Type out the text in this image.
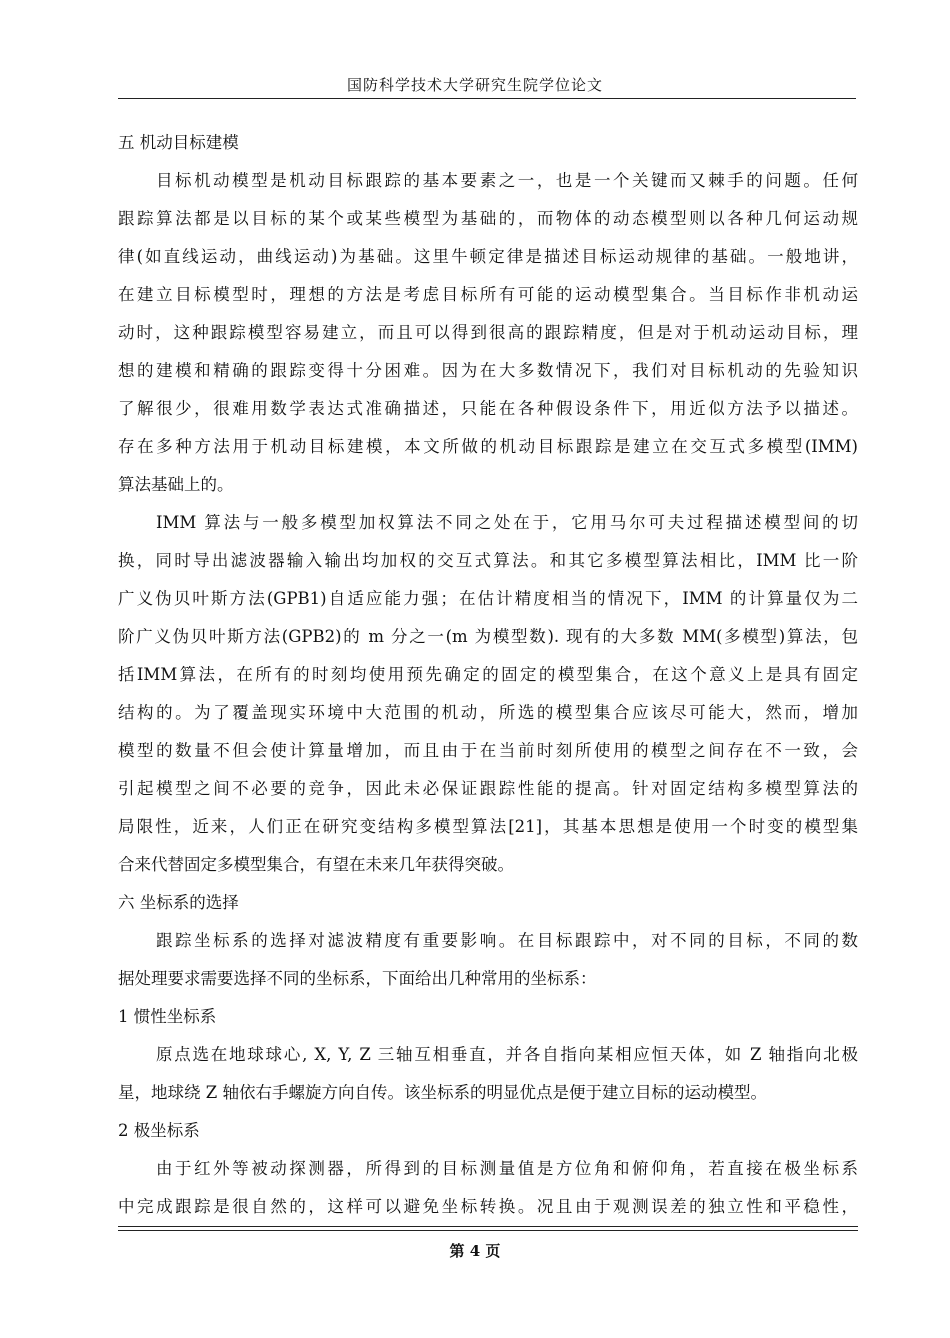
国防科学技术大学研究生院学位论文
五 机动目标建模
目标机动模型是机动目标跟踪的基本要素之一，也是一个关键而又棘手的问题。任何
跟踪算法都是以目标的某个或某些模型为基础的，而物体的动态模型则以各种几何运动规
律(如直线运动，曲线运动)为基础。这里牛顿定律是描述目标运动规律的基础。一般地讲，
在建立目标模型时，理想的方法是考虑目标所有可能的运动模型集合。当目标作非机动运
动时，这种跟踪模型容易建立，而且可以得到很高的跟踪精度，但是对于机动运动目标，理
想的建模和精确的跟踪变得十分困难。因为在大多数情况下，我们对目标机动的先验知识
了解很少，很难用数学表达式准确描述，只能在各种假设条件下，用近似方法予以描述。
存在多种方法用于机动目标建模，本文所做的机动目标跟踪是建立在交互式多模型(IMM)
算法基础上的。
IMM 算法与一般多模型加权算法不同之处在于，它用马尔可夫过程描述模型间的切
换，同时导出滤波器输入输出均加权的交互式算法。和其它多模型算法相比，IMM 比一阶
广义伪贝叶斯方法(GPB1)自适应能力强；在估计精度相当的情况下，IMM 的计算量仅为二
阶广义伪贝叶斯方法(GPB2)的 m 分之一(m 为模型数). 现有的大多数 MM(多模型)算法，包
括IMM算法，在所有的时刻均使用预先确定的固定的模型集合，在这个意义上是具有固定
结构的。为了覆盖现实环境中大范围的机动，所选的模型集合应该尽可能大，然而，增加
模型的数量不但会使计算量增加，而且由于在当前时刻所使用的模型之间存在不一致，会
引起模型之间不必要的竞争，因此未必保证跟踪性能的提高。针对固定结构多模型算法的
局限性，近来，人们正在研究变结构多模型算法[21]，其基本思想是使用一个时变的模型集
合来代替固定多模型集合，有望在未来几年获得突破。
六 坐标系的选择
跟踪坐标系的选择对滤波精度有重要影响。在目标跟踪中，对不同的目标，不同的数
据处理要求需要选择不同的坐标系，下面给出几种常用的坐标系：
1 惯性坐标系
原点选在地球球心, X, Y, Z 三轴互相垂直，并各自指向某相应恒天体，如 Z 轴指向北极
星，地球绕 Z 轴依右手螺旋方向自传。该坐标系的明显优点是便于建立目标的运动模型。
2 极坐标系
由于红外等被动探测器，所得到的目标测量值是方位角和俯仰角，若直接在极坐标系
中完成跟踪是很自然的，这样可以避免坐标转换。况且由于观测误差的独立性和平稳性，
第 4 页
